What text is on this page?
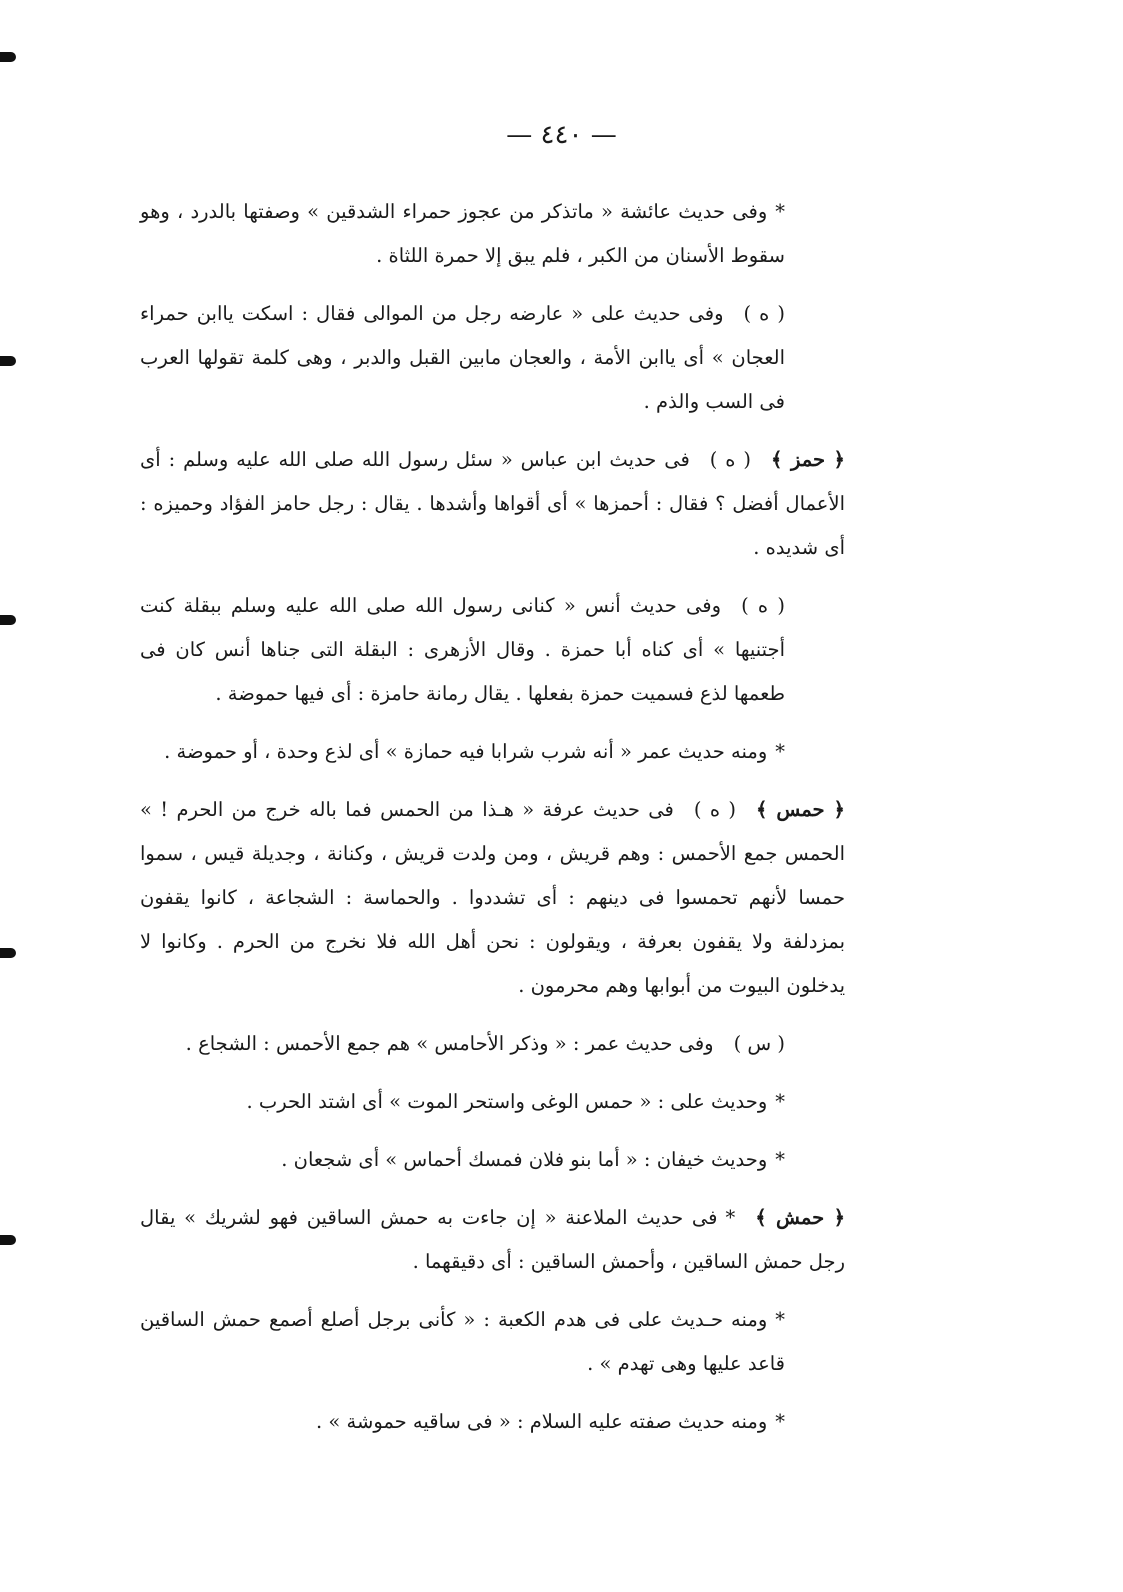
— ٤٤٠ —

*وفى حديث عائشة « ماتذكر من عجوز حمراء الشدقين » وصفتها بالدرد ، وهو سقوط الأسنان من الكبر ، فلم يبق إلا حمرة اللثاة .

( ه )وفى حديث على « عارضه رجل من الموالى فقال : اسكت ياابن حمراء العجان » أى ياابن الأمة ، والعجان مابين القبل والدبر ، وهى كلمة تقولها العرب فى السب والذم .

﴿ حمز ﴾( ه )فى حديث ابن عباس « سئل رسول الله صلى الله عليه وسلم : أى الأعمال أفضل ؟ فقال : أحمزها » أى أقواها وأشدها . يقال : رجل حامز الفؤاد وحميزه : أى شديده .

( ه )وفى حديث أنس « كنانى رسول الله صلى الله عليه وسلم ببقلة كنت أجتنيها » أى كناه أبا حمزة . وقال الأزهرى : البقلة التى جناها أنس كان فى طعمها لذع فسميت حمزة بفعلها . يقال رمانة حامزة : أى فيها حموضة .

*ومنه حديث عمر « أنه شرب شرابا فيه حمازة » أى لذع وحدة ، أو حموضة .

﴿ حمس ﴾( ه )فى حديث عرفة « هـذا من الحمس فما باله خرج من الحرم ! » الحمس جمع الأحمس : وهم قريش ، ومن ولدت قريش ، وكنانة ، وجديلة قيس ، سموا حمسا لأنهم تحمسوا فى دينهم : أى تشددوا . والحماسة : الشجاعة ، كانوا يقفون بمزدلفة ولا يقفون بعرفة ، ويقولون : نحن أهل الله فلا نخرج من الحرم . وكانوا لا يدخلون البيوت من أبوابها وهم محرمون .

( س )وفى حديث عمر : « وذكر الأحامس » هم جمع الأحمس : الشجاع .

*وحديث على : « حمس الوغى واستحر الموت » أى اشتد الحرب .

*وحديث خيفان : « أما بنو فلان فمسك أحماس » أى شجعان .

﴿ حمش ﴾*فى حديث الملاعنة « إن جاءت به حمش الساقين فهو لشريك » يقال رجل حمش الساقين ، وأحمش الساقين : أى دقيقهما .

*ومنه حـديث على فى هدم الكعبة : « كأنى برجل أصلع أصمع حمش الساقين قاعد عليها وهى تهدم » .

*ومنه حديث صفته عليه السلام : « فى ساقيه حموشة » .
